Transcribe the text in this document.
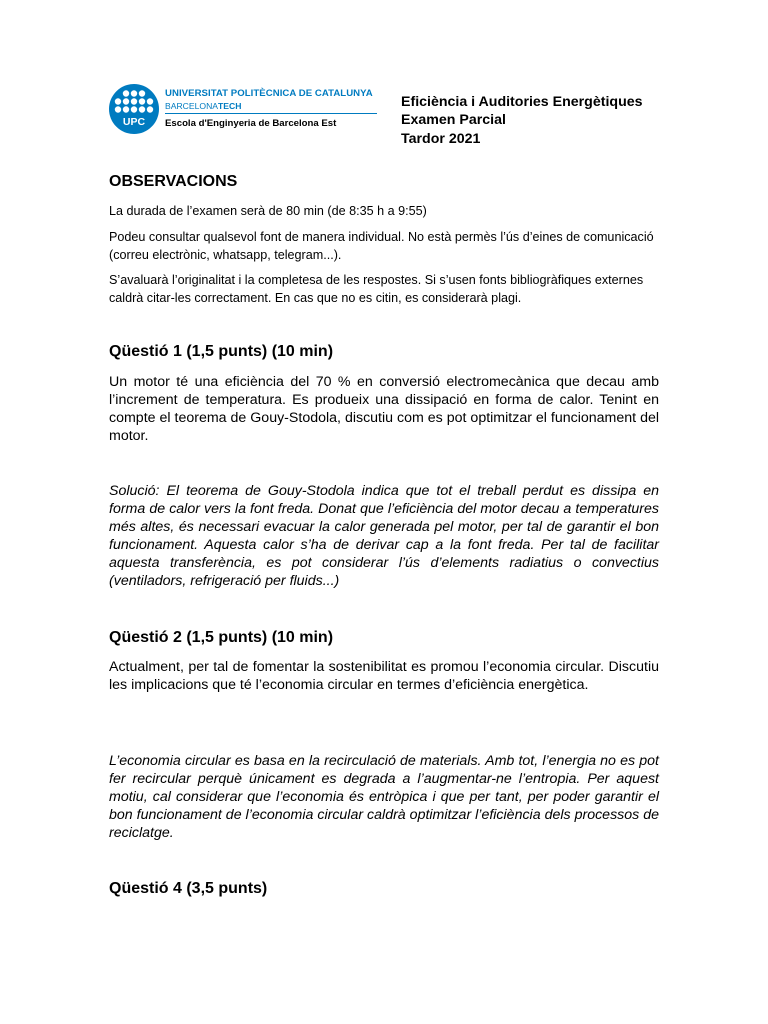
UPC
UNIVERSITAT POLITÈCNICA DE CATALUNYA
BARCELONATECH
Escola d'Enginyeria de Barcelona Est
Eficiència i Auditories Energètiques
Examen Parcial
Tardor 2021
OBSERVACIONS
La durada de l’examen serà de 80 min (de 8:35 h a 9:55)
Podeu consultar qualsevol font de manera individual. No està permès l’ús d’eines de comunicació (correu electrònic, whatsapp, telegram...).
S’avaluarà l’originalitat i la completesa de les respostes. Si s’usen fonts bibliogràfiques externes caldrà citar-les correctament. En cas que no es citin, es considerarà plagi.
Qüestió 1 (1,5 punts) (10 min)
Un motor té una eficiència del 70 % en conversió electromecànica que decau amb l’increment de temperatura. Es produeix una dissipació en forma de calor. Tenint en compte el teorema de Gouy-Stodola, discutiu com es pot optimitzar el funcionament del motor.
Solució: El teorema de Gouy-Stodola indica que tot el treball perdut es dissipa en forma de calor vers la font freda. Donat que l’eficiència del motor decau a temperatures més altes, és necessari evacuar la calor generada pel motor, per tal de garantir el bon funcionament. Aquesta calor s’ha de derivar cap a la font freda. Per tal de facilitar aquesta transferència, es pot considerar l’ús d’elements radiatius o convectius (ventiladors, refrigeració per fluids...)
Qüestió 2 (1,5 punts) (10 min)
Actualment, per tal de fomentar la sostenibilitat es promou l’economia circular. Discutiu les implicacions que té l’economia circular en termes d’eficiència energètica.
L’economia circular es basa en la recirculació de materials. Amb tot, l’energia no es pot fer recircular perquè únicament es degrada a l’augmentar-ne l’entropia. Per aquest motiu, cal considerar que l’economia és entròpica i que per tant, per poder garantir el bon funcionament de l’economia circular caldrà optimitzar l’eficiència dels processos de reciclatge.
Qüestió 4 (3,5 punts)
